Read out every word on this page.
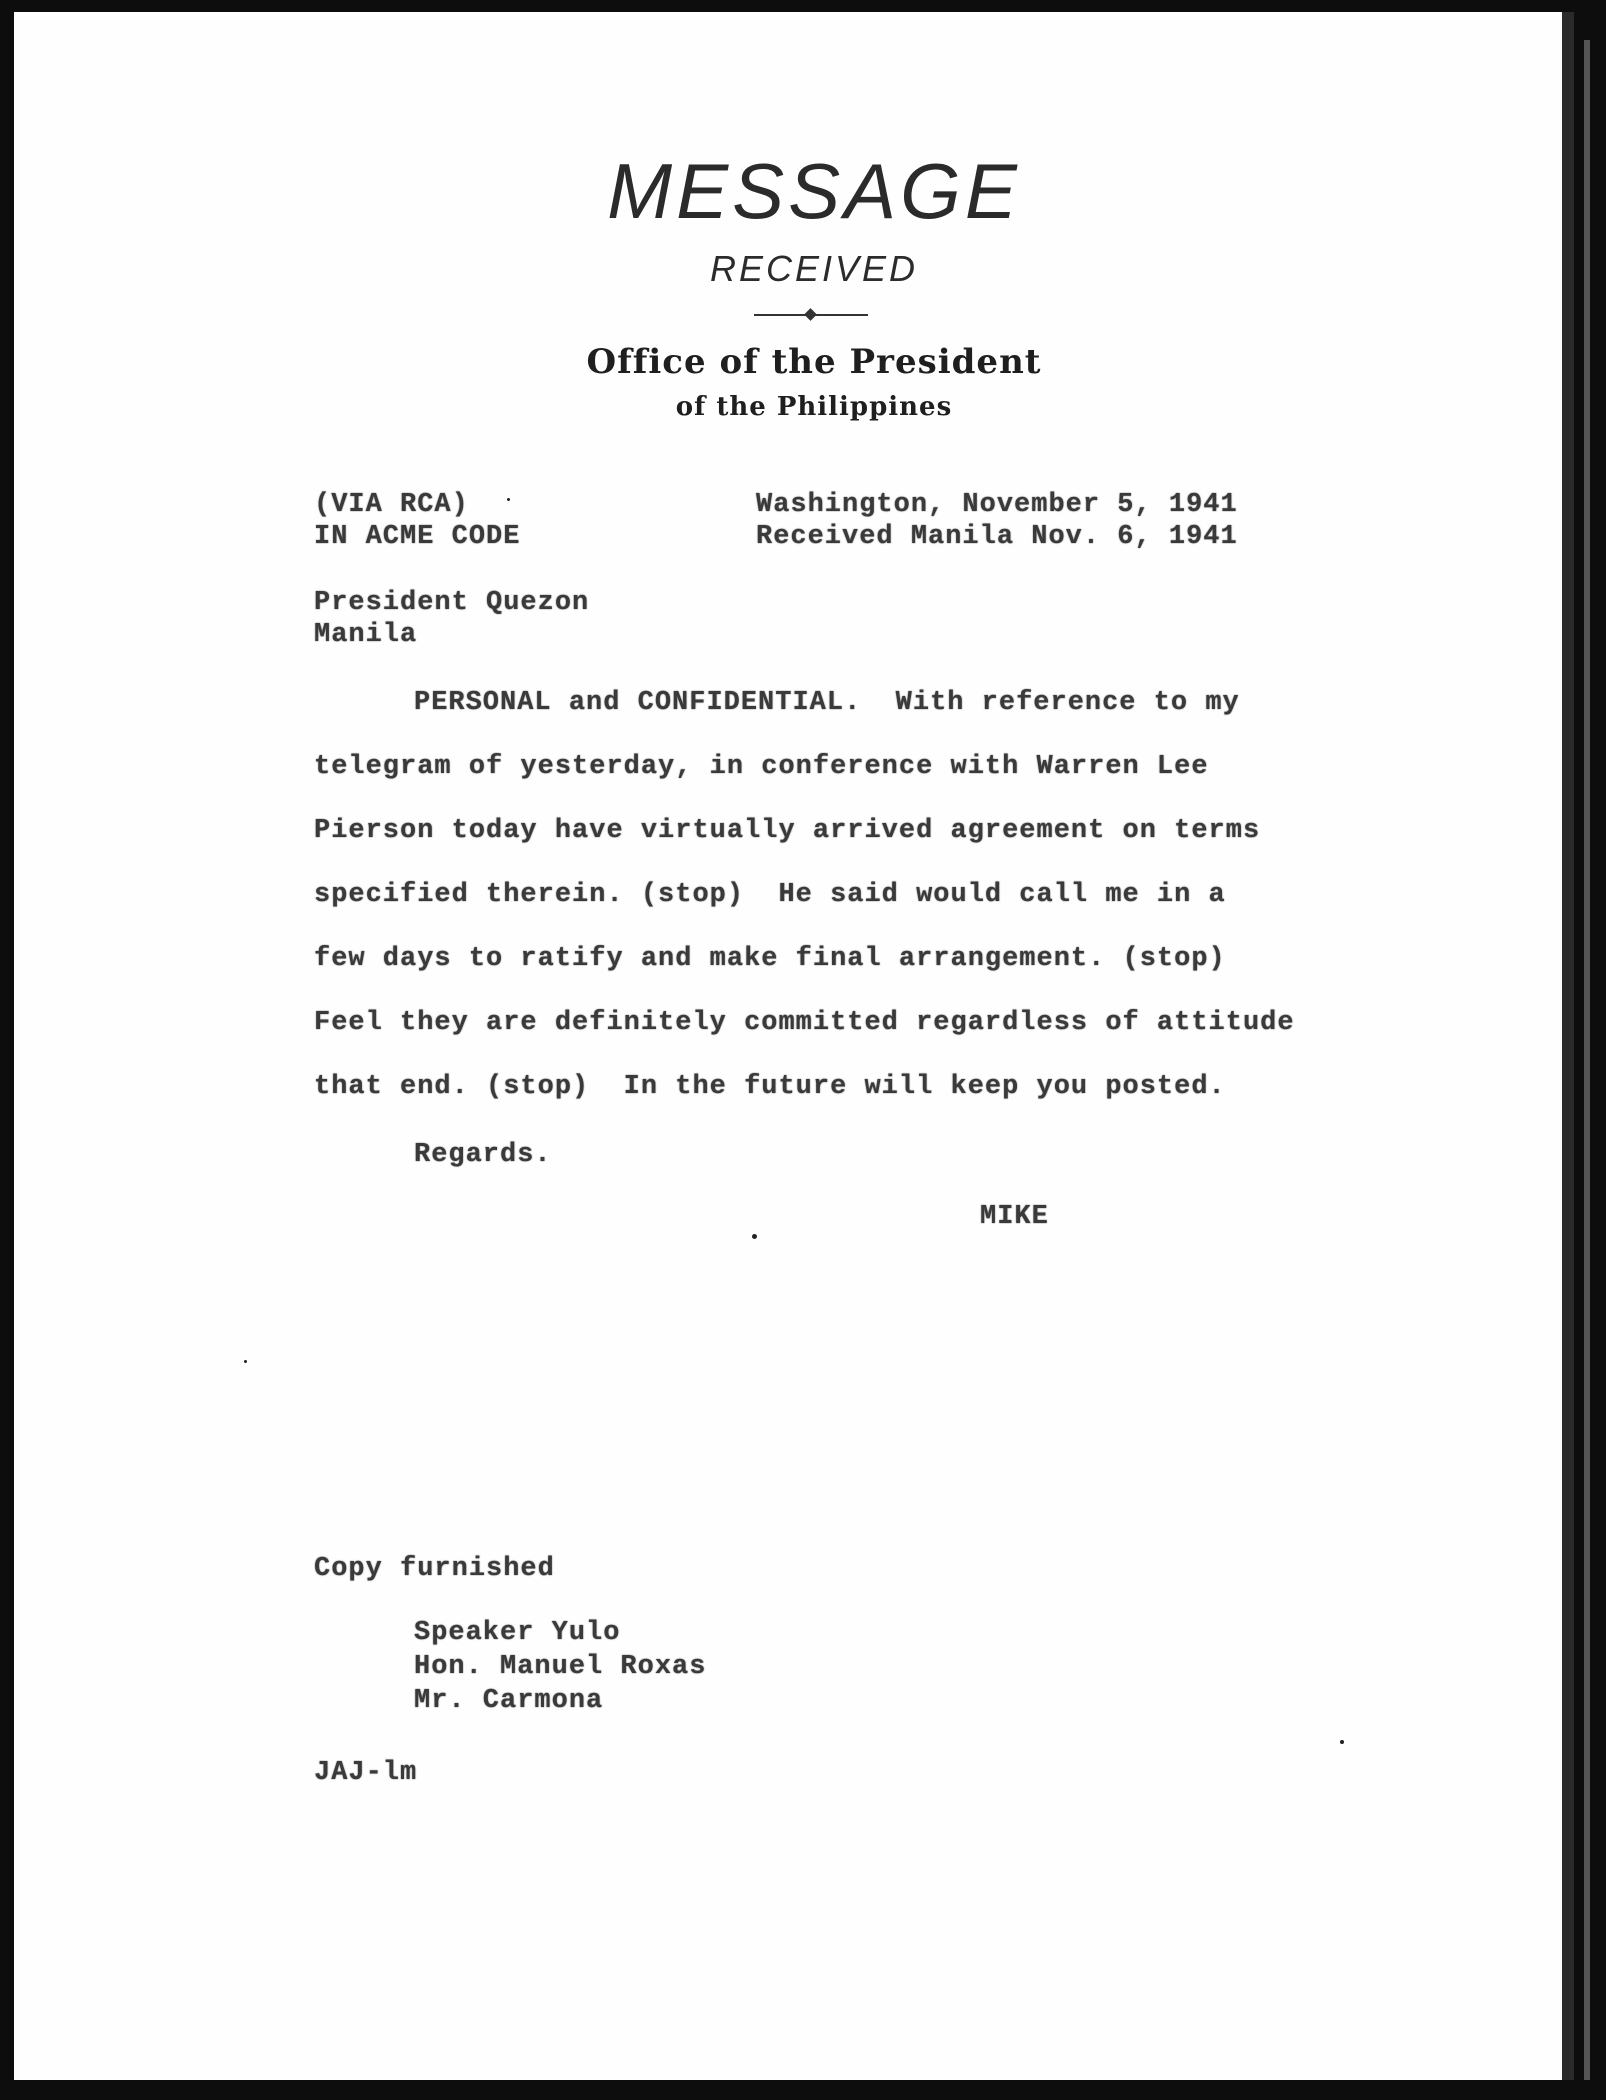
MESSAGE
RECEIVED
Office of the President
of the Philippines
(VIA RCA)
IN ACME CODE
Washington, November 5, 1941
Received Manila Nov. 6, 1941
President Quezon
Manila
PERSONAL and CONFIDENTIAL.  With reference to my
telegram of yesterday, in conference with Warren Lee
Pierson today have virtually arrived agreement on terms
specified therein. (stop)  He said would call me in a
few days to ratify and make final arrangement. (stop)
Feel they are definitely committed regardless of attitude
that end. (stop)  In the future will keep you posted.
Regards.
MIKE
Copy furnished
Speaker Yulo
Hon. Manuel Roxas
Mr. Carmona
JAJ-lm
